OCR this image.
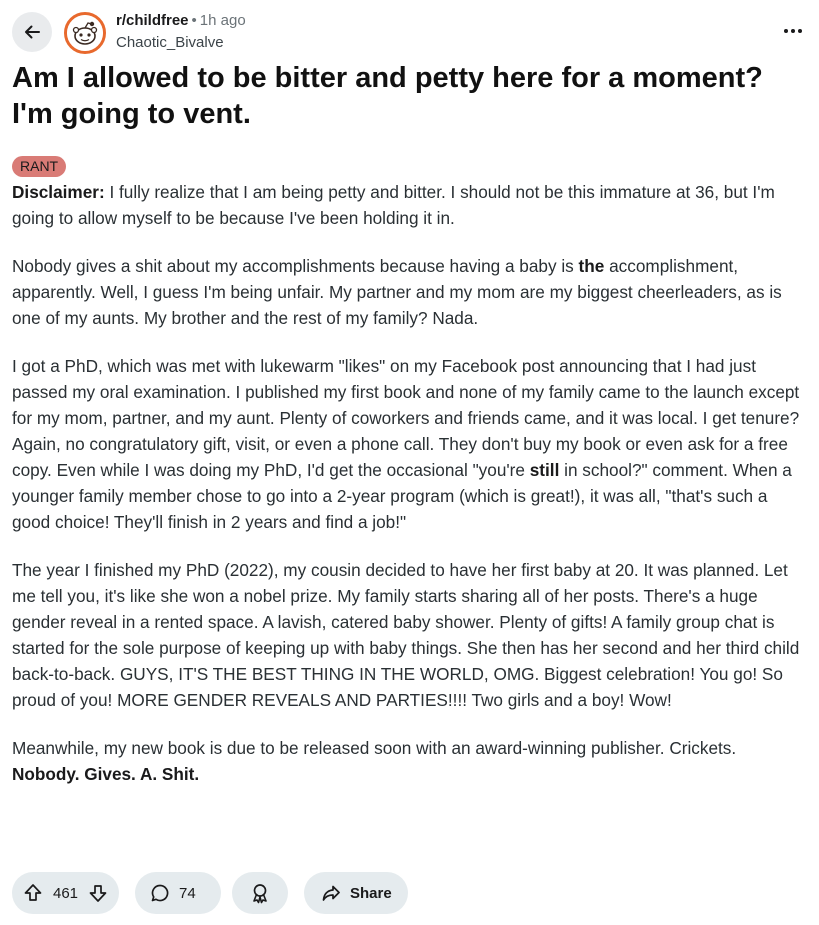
r/childfree • 1h ago
Chaotic_Bivalve
Am I allowed to be bitter and petty here for a moment? I'm going to vent.
RANT

Disclaimer: I fully realize that I am being petty and bitter. I should not be this immature at 36, but I'm going to allow myself to be because I've been holding it in.

Nobody gives a shit about my accomplishments because having a baby is the accomplishment, apparently. Well, I guess I'm being unfair. My partner and my mom are my biggest cheerleaders, as is one of my aunts. My brother and the rest of my family? Nada.

I got a PhD, which was met with lukewarm "likes" on my Facebook post announcing that I had just passed my oral examination. I published my first book and none of my family came to the launch except for my mom, partner, and my aunt. Plenty of coworkers and friends came, and it was local. I get tenure? Again, no congratulatory gift, visit, or even a phone call. They don't buy my book or even ask for a free copy. Even while I was doing my PhD, I'd get the occasional "you're still in school?" comment. When a younger family member chose to go into a 2-year program (which is great!), it was all, "that's such a good choice! They'll finish in 2 years and find a job!"

The year I finished my PhD (2022), my cousin decided to have her first baby at 20. It was planned. Let me tell you, it's like she won a nobel prize. My family starts sharing all of her posts. There's a huge gender reveal in a rented space. A lavish, catered baby shower. Plenty of gifts! A family group chat is started for the sole purpose of keeping up with baby things. She then has her second and her third child back-to-back. GUYS, IT'S THE BEST THING IN THE WORLD, OMG. Biggest celebration! You go! So proud of you! MORE GENDER REVEALS AND PARTIES!!!! Two girls and a boy! Wow!

Meanwhile, my new book is due to be released soon with an award-winning publisher. Crickets.
Nobody. Gives. A. Shit.

461	74	Share
